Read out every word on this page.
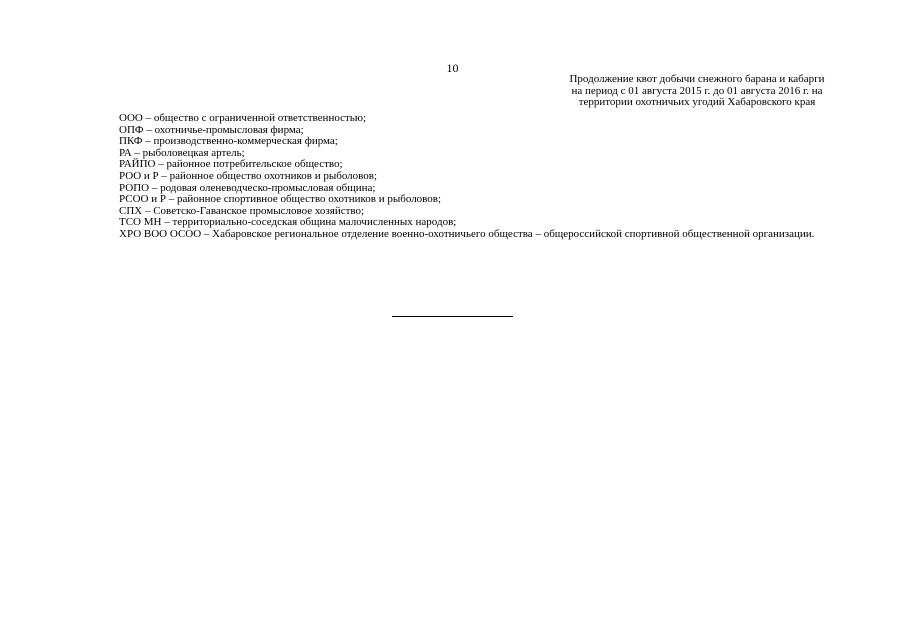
10
Продолжение квот добычи снежного барана и кабарги
на период с 01 августа 2015 г. до 01 августа 2016 г. на
территории охотничьих угодий Хабаровского края
ООО – общество с ограниченной ответственностью;
ОПФ – охотничье-промысловая фирма;
ПКФ – производственно-коммерческая фирма;
РА – рыболовецкая артель;
РАЙПО – районное потребительское общество;
РОО и Р – районное общество охотников и рыболовов;
РОПО – родовая оленеводческо-промысловая община;
РСОО и Р – районное спортивное общество охотников и рыболовов;
СПХ – Советско-Гаванское промысловое хозяйство;
ТСО МН – территориально-соседская община малочисленных народов;
ХРО ВОО ОСОО – Хабаровское региональное отделение военно-охотничьего общества – общероссийской спортивной общественной организации.
